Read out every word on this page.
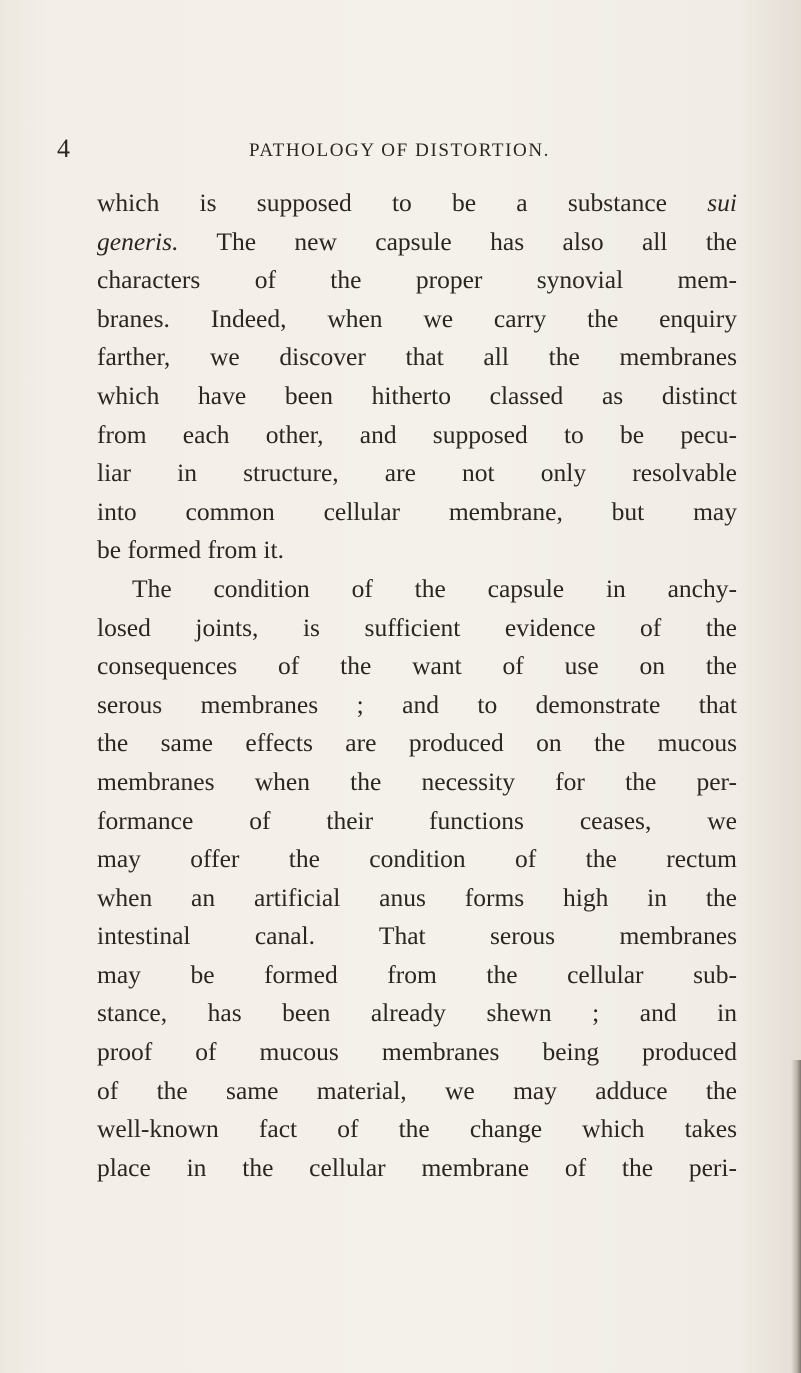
4	PATHOLOGY OF DISTORTION.
which is supposed to be a substance sui
generis. The new capsule has also all the
characters of the proper synovial mem-
branes. Indeed, when we carry the enquiry
farther, we discover that all the membranes
which have been hitherto classed as distinct
from each other, and supposed to be pecu-
liar in structure, are not only resolvable
into common cellular membrane, but may
be formed from it.
The condition of the capsule in anchy-
losed joints, is sufficient evidence of the
consequences of the want of use on the
serous membranes ; and to demonstrate that
the same effects are produced on the mucous
membranes when the necessity for the per-
formance of their functions ceases, we
may offer the condition of the rectum
when an artificial anus forms high in the
intestinal canal. That serous membranes
may be formed from the cellular sub-
stance, has been already shewn ; and in
proof of mucous membranes being produced
of the same material, we may adduce the
well-known fact of the change which takes
place in the cellular membrane of the peri-
